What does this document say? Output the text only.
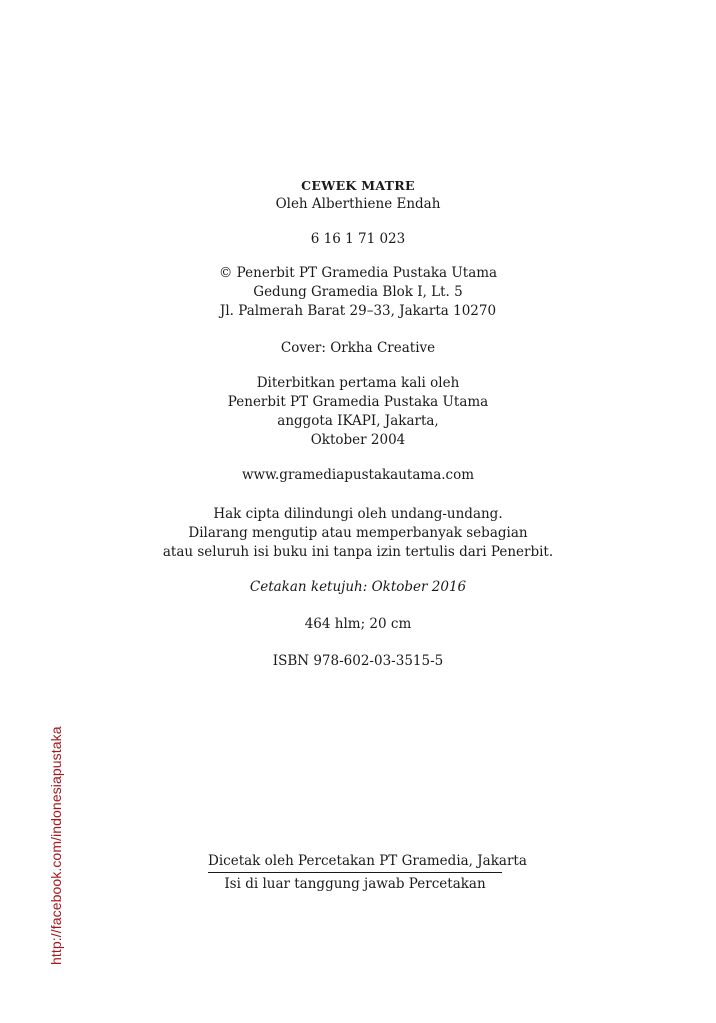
CEWEK MATRE
Oleh Alberthiene Endah
6 16 1 71 023
© Penerbit PT Gramedia Pustaka Utama
Gedung Gramedia Blok I, Lt. 5
Jl. Palmerah Barat 29–33, Jakarta 10270
Cover: Orkha Creative
Diterbitkan pertama kali oleh
Penerbit PT Gramedia Pustaka Utama
anggota IKAPI, Jakarta,
Oktober 2004
www.gramediapustakautama.com
Hak cipta dilindungi oleh undang-undang.
Dilarang mengutip atau memperbanyak sebagian
atau seluruh isi buku ini tanpa izin tertulis dari Penerbit.
Cetakan ketujuh: Oktober 2016
464 hlm; 20 cm
ISBN 978-602-03-3515-5
Dicetak oleh Percetakan PT Gramedia, Jakarta
Isi di luar tanggung jawab Percetakan
http://facebook.com/indonesiapustaka
